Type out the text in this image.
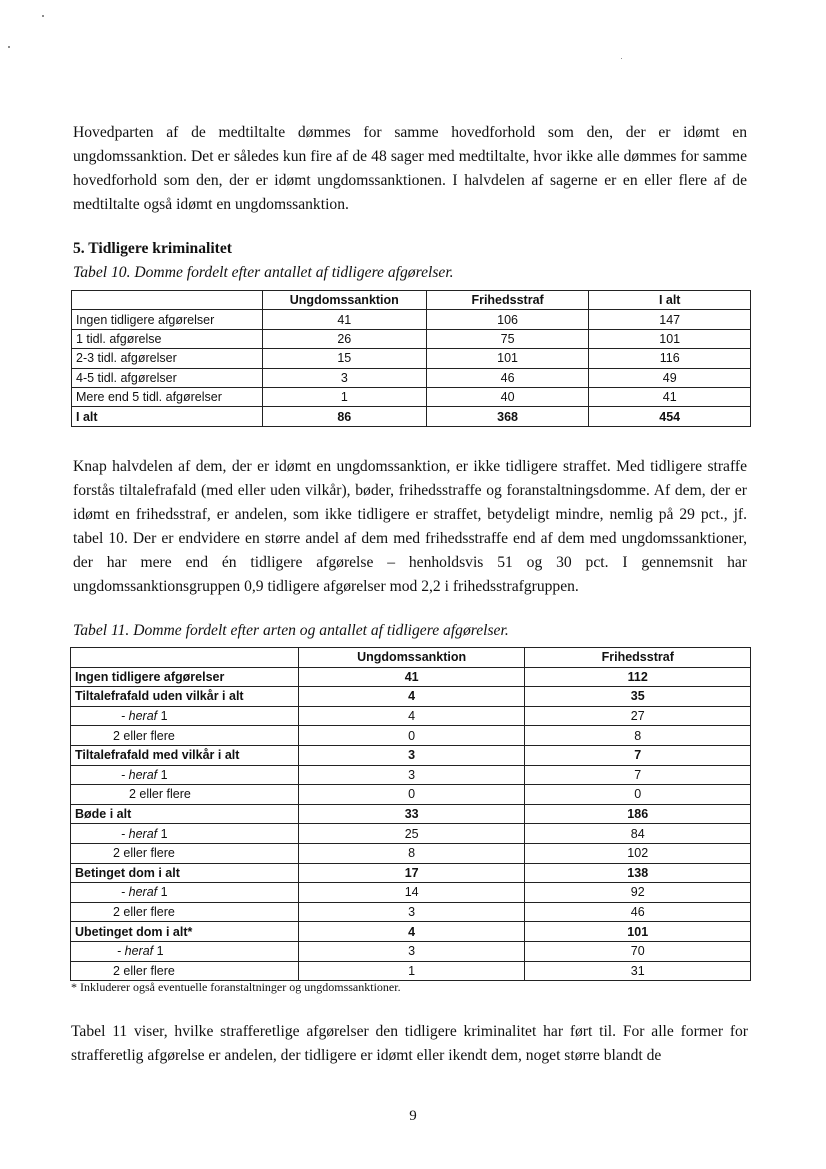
Hovedparten af de medtiltalte dømmes for samme hovedforhold som den, der er idømt en ungdomssanktion. Det er således kun fire af de 48 sager med medtiltalte, hvor ikke alle dømmes for samme hovedforhold som den, der er idømt ungdomssanktionen. I halvdelen af sagerne er en eller flere af de medtiltalte også idømt en ungdomssanktion.

5. Tidligere kriminalitet
Tabel 10. Domme fordelt efter antallet af tidligere afgørelser.
	Ungdomssanktion	Frihedsstraf	I alt
Ingen tidligere afgørelser	41	106	147
1 tidl. afgørelse	26	75	101
2-3 tidl. afgørelser	15	101	116
4-5 tidl. afgørelser	3	46	49
Mere end 5 tidl. afgørelser	1	40	41
I alt	86	368	454

Knap halvdelen af dem, der er idømt en ungdomssanktion, er ikke tidligere straffet. Med tidligere straffe forstås tiltalefrafald (med eller uden vilkår), bøder, frihedsstraffe og foranstaltningsdomme. Af dem, der er idømt en frihedsstraf, er andelen, som ikke tidligere er straffet, betydeligt mindre, nemlig på 29 pct., jf. tabel 10. Der er endvidere en større andel af dem med frihedsstraffe end af dem med ungdomssanktioner, der har mere end én tidligere afgørelse – henholdsvis 51 og 30 pct. I gennemsnit har ungdomssanktionsgruppen 0,9 tidligere afgørelser mod 2,2 i frihedsstrafgruppen.

Tabel 11. Domme fordelt efter arten og antallet af tidligere afgørelser.
	Ungdomssanktion	Frihedsstraf
Ingen tidligere afgørelser	41	112
Tiltalefrafald uden vilkår i alt	4	35
- heraf 1	4	27
2 eller flere	0	8
Tiltalefrafald med vilkår i alt	3	7
- heraf 1	3	7
2 eller flere	0	0
Bøde i alt	33	186
- heraf 1	25	84
2 eller flere	8	102
Betinget dom i alt	17	138
- heraf 1	14	92
2 eller flere	3	46
Ubetinget dom i alt*	4	101
- heraf 1	3	70
2 eller flere	1	31
* Inkluderer også eventuelle foranstaltninger og ungdomssanktioner.

Tabel 11 viser, hvilke strafferetlige afgørelser den tidligere kriminalitet har ført til. For alle former for strafferetlig afgørelse er andelen, der tidligere er idømt eller ikendt dem, noget større blandt de

9
